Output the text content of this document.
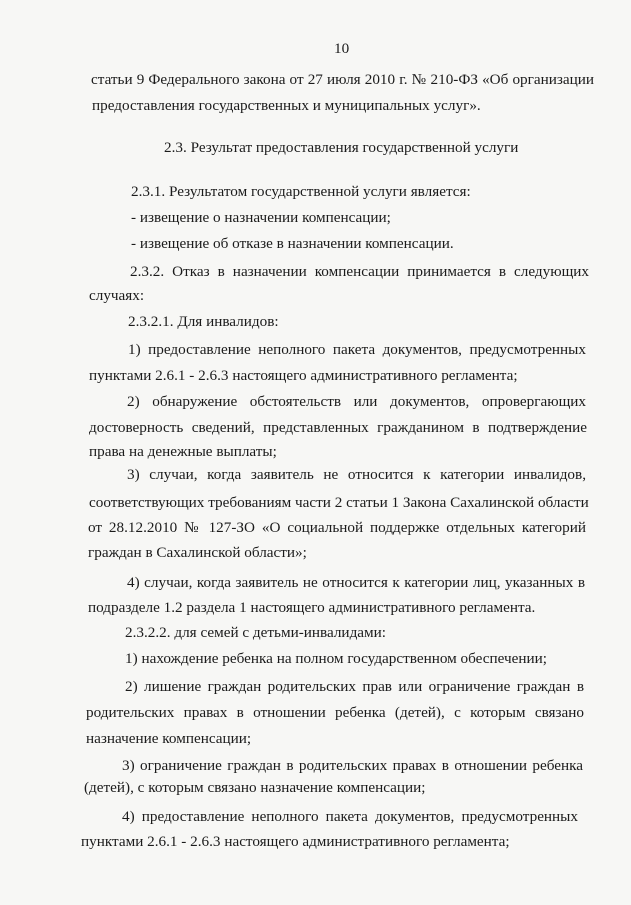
10
статьи 9 Федерального закона от 27 июля 2010 г. № 210-ФЗ «Об организации
предоставления государственных и муниципальных услуг».
2.3. Результат предоставления государственной услуги
2.3.1. Результатом государственной услуги является:
- извещение о назначении компенсации;
- извещение об отказе в назначении компенсации.
2.3.2. Отказ в назначении компенсации принимается в следующих
случаях:
2.3.2.1. Для инвалидов:
1) предоставление неполного пакета документов, предусмотренных
пунктами 2.6.1 - 2.6.3 настоящего административного регламента;
2) обнаружение обстоятельств или документов, опровергающих
достоверность сведений, представленных гражданином в подтверждение
права на денежные выплаты;
3) случаи, когда заявитель не относится к категории инвалидов,
соответствующих требованиям части 2 статьи 1 Закона Сахалинской области
от 28.12.2010 № 127-ЗО «О социальной поддержке отдельных категорий
граждан в Сахалинской области»;
4) случаи, когда заявитель не относится к категории лиц, указанных в
подразделе 1.2 раздела 1 настоящего административного регламента.
2.3.2.2. для семей с детьми-инвалидами:
1) нахождение ребенка на полном государственном обеспечении;
2) лишение граждан родительских прав или ограничение граждан в
родительских правах в отношении ребенка (детей), с которым связано
назначение компенсации;
3) ограничение граждан в родительских правах в отношении ребенка
(детей), с которым связано назначение компенсации;
4) предоставление неполного пакета документов, предусмотренных
пунктами 2.6.1 - 2.6.3 настоящего административного регламента;
